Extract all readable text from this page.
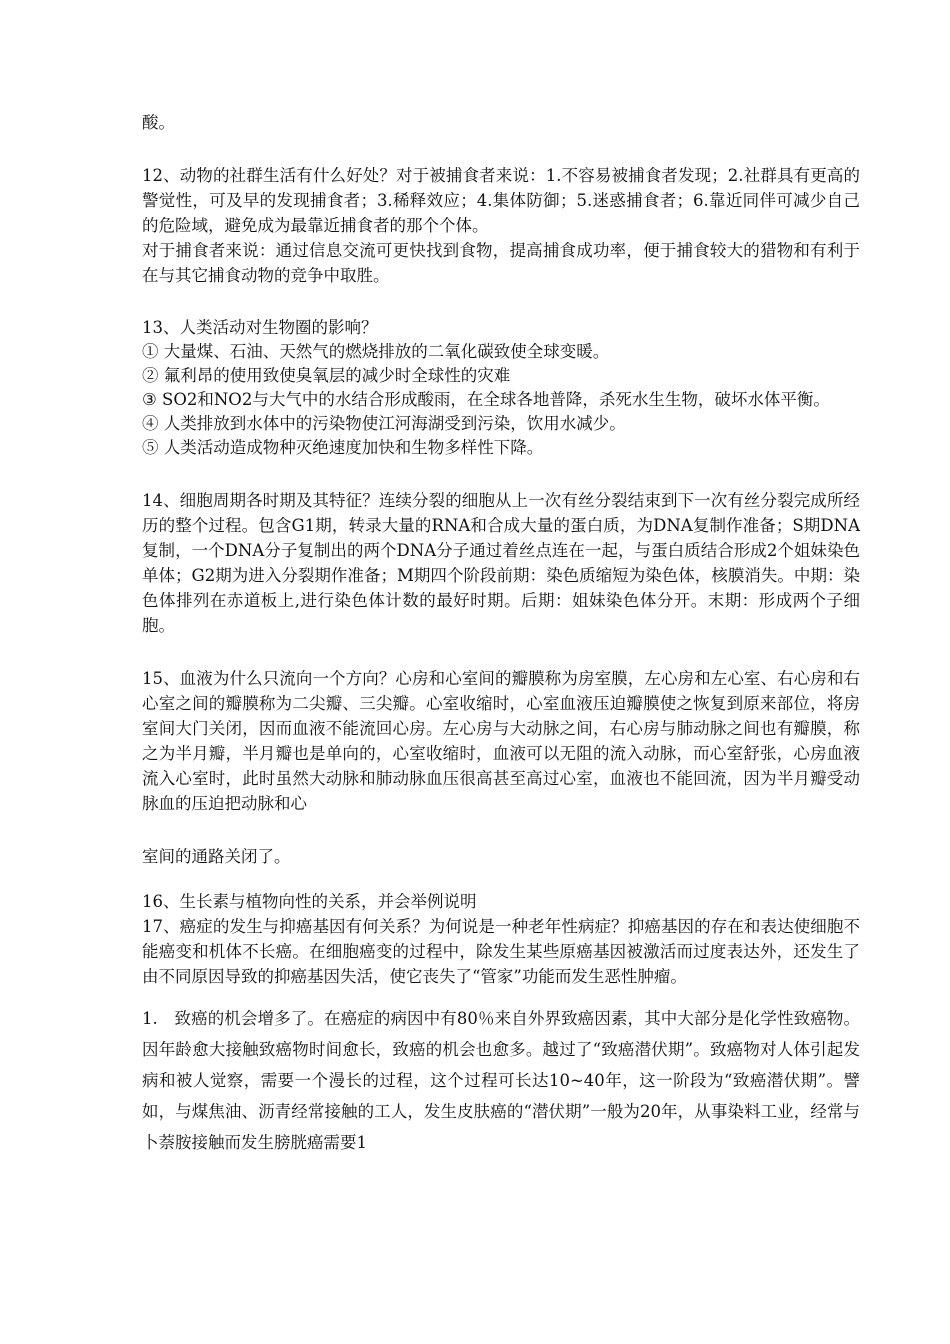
酸。

12、动物的社群生活有什么好处？对于被捕食者来说：1.不容易被捕食者发现；2.社群具有更高的警觉性，可及早的发现捕食者；3.稀释效应；4.集体防御；5.迷惑捕食者；6.靠近同伴可减少自己的危险域，避免成为最靠近捕食者的那个个体。

对于捕食者来说：通过信息交流可更快找到食物，提高捕食成功率，便于捕食较大的猎物和有利于在与其它捕食动物的竞争中取胜。

13、人类活动对生物圈的影响？

① 大量煤、石油、天然气的燃烧排放的二氧化碳致使全球变暖。

② 氟利昂的使用致使臭氧层的减少时全球性的灾难

③ SO2和NO2与大气中的水结合形成酸雨，在全球各地普降，杀死水生生物，破坏水体平衡。

④ 人类排放到水体中的污染物使江河海湖受到污染，饮用水减少。

⑤ 人类活动造成物种灭绝速度加快和生物多样性下降。

14、细胞周期各时期及其特征？连续分裂的细胞从上一次有丝分裂结束到下一次有丝分裂完成所经历的整个过程。包含G1期，转录大量的RNA和合成大量的蛋白质，为DNA复制作准备；S期DNA复制，一个DNA分子复制出的两个DNA分子通过着丝点连在一起，与蛋白质结合形成2个姐妹染色单体；G2期为进入分裂期作准备；M期四个阶段前期：染色质缩短为染色体，核膜消失。中期：染色体排列在赤道板上,进行染色体计数的最好时期。后期：姐妹染色体分开。末期：形成两个子细胞。

15、血液为什么只流向一个方向？心房和心室间的瓣膜称为房室膜，左心房和左心室、右心房和右心室之间的瓣膜称为二尖瓣、三尖瓣。心室收缩时，心室血液压迫瓣膜使之恢复到原来部位，将房室间大门关闭，因而血液不能流回心房。左心房与大动脉之间，右心房与肺动脉之间也有瓣膜，称之为半月瓣，半月瓣也是单向的，心室收缩时，血液可以无阻的流入动脉，而心室舒张，心房血液流入心室时，此时虽然大动脉和肺动脉血压很高甚至高过心室，血液也不能回流，因为半月瓣受动脉血的压迫把动脉和心

室间的通路关闭了。

16、生长素与植物向性的关系，并会举例说明

17、癌症的发生与抑癌基因有何关系？为何说是一种老年性病症？抑癌基因的存在和表达使细胞不能癌变和机体不长癌。在细胞癌变的过程中，除发生某些原癌基因被激活而过度表达外，还发生了由不同原因导致的抑癌基因失活，使它丧失了“管家”功能而发生恶性肿瘤。

1.　致癌的机会增多了。在癌症的病因中有80％来自外界致癌因素，其中大部分是化学性致癌物。因年龄愈大接触致癌物时间愈长，致癌的机会也愈多。越过了“致癌潜伏期”。致癌物对人体引起发病和被人觉察，需要一个漫长的过程，这个过程可长达10~40年，这一阶段为“致癌潜伏期”。譬如，与煤焦油、沥青经常接触的工人，发生皮肤癌的“潜伏期”一般为20年，从事染料工业，经常与卜萘胺接触而发生膀胱癌需要1
